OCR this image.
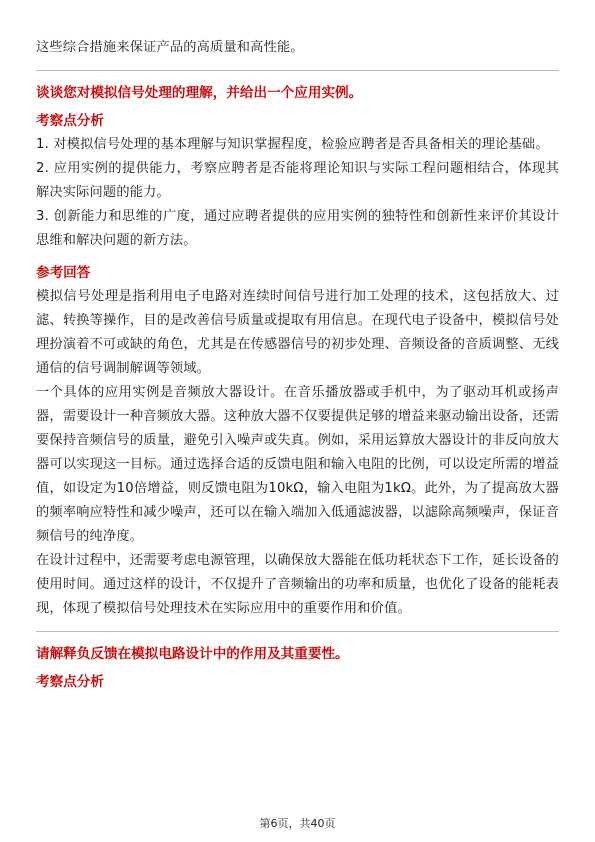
这些综合措施来保证产品的高质量和高性能。

谈谈您对模拟信号处理的理解，并给出一个应用实例。

考察点分析

1. 对模拟信号处理的基本理解与知识掌握程度，检验应聘者是否具备相关的理论基础。

2. 应用实例的提供能力，考察应聘者是否能将理论知识与实际工程问题相结合，体现其解决实际问题的能力。

3. 创新能力和思维的广度，通过应聘者提供的应用实例的独特性和创新性来评价其设计思维和解决问题的新方法。

参考回答

模拟信号处理是指利用电子电路对连续时间信号进行加工处理的技术，这包括放大、过滤、转换等操作，目的是改善信号质量或提取有用信息。在现代电子设备中，模拟信号处理扮演着不可或缺的角色，尤其是在传感器信号的初步处理、音频设备的音质调整、无线通信的信号调制解调等领域。

一个具体的应用实例是音频放大器设计。在音乐播放器或手机中，为了驱动耳机或扬声器，需要设计一种音频放大器。这种放大器不仅要提供足够的增益来驱动输出设备，还需要保持音频信号的质量，避免引入噪声或失真。例如，采用运算放大器设计的非反向放大器可以实现这一目标。通过选择合适的反馈电阻和输入电阻的比例，可以设定所需的增益值，如设定为10倍增益，则反馈电阻为10kΩ，输入电阻为1kΩ。此外，为了提高放大器的频率响应特性和减少噪声，还可以在输入端加入低通滤波器，以滤除高频噪声，保证音频信号的纯净度。

在设计过程中，还需要考虑电源管理，以确保放大器能在低功耗状态下工作，延长设备的使用时间。通过这样的设计，不仅提升了音频输出的功率和质量，也优化了设备的能耗表现，体现了模拟信号处理技术在实际应用中的重要作用和价值。

请解释负反馈在模拟电路设计中的作用及其重要性。

考察点分析

第6页，共40页
